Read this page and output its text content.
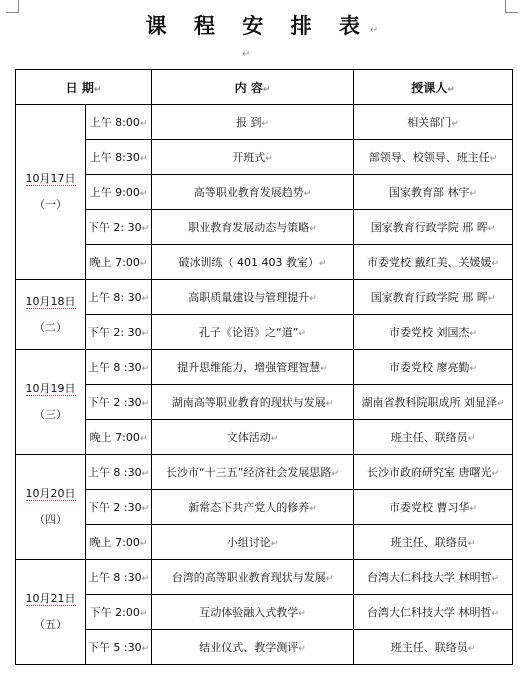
课 程 安 排 表↵
↵
日 期↵		内 容↵	授课人↵

10月17日
（一）	上午 8:00↵	报 到↵	相关部门↵
	上午 8:30↵	开班式↵	部领导、校领导、班主任↵
	上午 9:00↵	高等职业教育发展趋势↵	国家教育部 林宇↵
	下午 2: 30↵	职业教育发展动态与策略↵	国家教育行政学院 邢 晖↵
	晚上 7:00↵	破冰训练（ 401 403 教室）↵	市委党校 戴红美、关媛媛↵

10月18日
（二）	上午 8: 30↵	高职质量建设与管理提升↵	国家教育行政学院 邢 晖↵
	下午 2: 30↵	孔子《论语》之“道”↵	市委党校 刘国杰↵

10月19日
（三）	上午 8 :30↵	提升思维能力，增强管理智慧↵	市委党校 廖亮勤↵
	下午 2 :30↵	湖南高等职业教育的现状与发展↵	湖南省教科院职成所 刘显泽↵
	晚上 7:00↵	文体活动↵	班主任、联络员↵

10月20日
（四）	上午 8 :30↵	长沙市“十三五”经济社会发展思路↵	长沙市政府研究室 唐曙光↵
	下午 2 :30↵	新常态下共产党人的修养↵	市委党校 曹习华↵
	晚上 7:00↵	小组讨论↵	班主任、联络员↵

10月21日
（五）	上午 8 :30↵	台湾的高等职业教育现状与发展↵	台湾大仁科技大学 林明哲↵
	下午 2:00↵	互动体验融入式教学↵	台湾大仁科技大学 林明哲↵
	下午 5 :30↵	结业仪式、教学测评↵	班主任、联络员↵
